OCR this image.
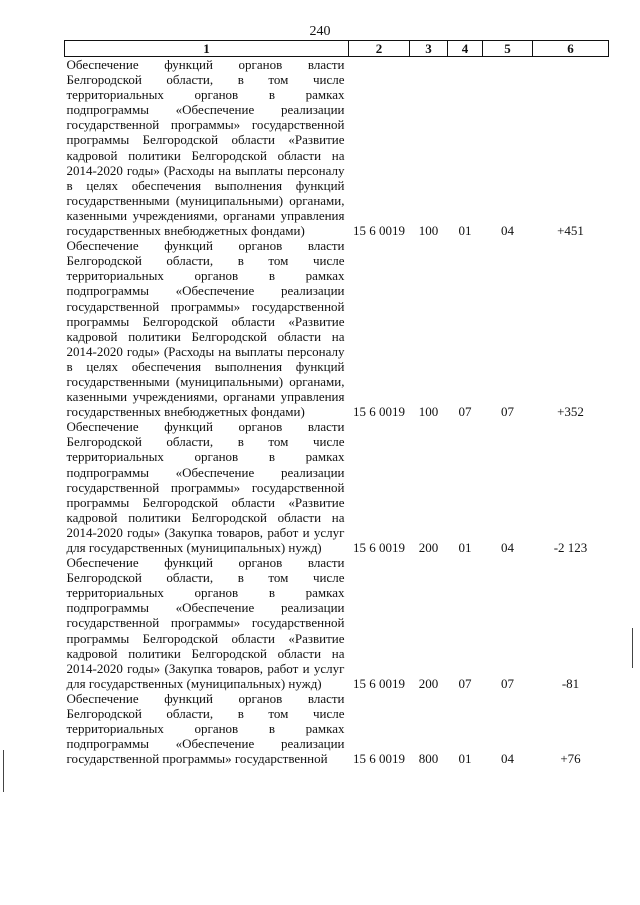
240
1	2	3	4	5	6
Обеспечение функций органов власти Белгородской области, в том числе территориальных органов в рамках подпрограммы «Обеспечение реализации государственной программы» государственной программы Белгородской области «Развитие кадровой политики Белгородской области на 2014-2020 годы» (Расходы на выплаты персоналу в целях обеспечения выполнения функций государственными (муниципальными) органами, казенными учреждениями, органами управления государственных внебюджетных фондами)	15 6 0019	100	01	04	+451
Обеспечение функций органов власти Белгородской области, в том числе территориальных органов в рамках подпрограммы «Обеспечение реализации государственной программы» государственной программы Белгородской области «Развитие кадровой политики Белгородской области на 2014-2020 годы» (Расходы на выплаты персоналу в целях обеспечения выполнения функций государственными (муниципальными) органами, казенными учреждениями, органами управления государственных внебюджетных фондами)	15 6 0019	100	07	07	+352
Обеспечение функций органов власти Белгородской области, в том числе территориальных органов в рамках подпрограммы «Обеспечение реализации государственной программы» государственной программы Белгородской области «Развитие кадровой политики Белгородской области на 2014-2020 годы» (Закупка товаров, работ и услуг для государственных (муниципальных) нужд)	15 6 0019	200	01	04	-2 123
Обеспечение функций органов власти Белгородской области, в том числе территориальных органов в рамках подпрограммы «Обеспечение реализации государственной программы» государственной программы Белгородской области «Развитие кадровой политики Белгородской области на 2014-2020 годы» (Закупка товаров, работ и услуг для государственных (муниципальных) нужд)	15 6 0019	200	07	07	-81
Обеспечение функций органов власти Белгородской области, в том числе территориальных органов в рамках подпрограммы «Обеспечение реализации государственной программы» государственной	15 6 0019	800	01	04	+76
